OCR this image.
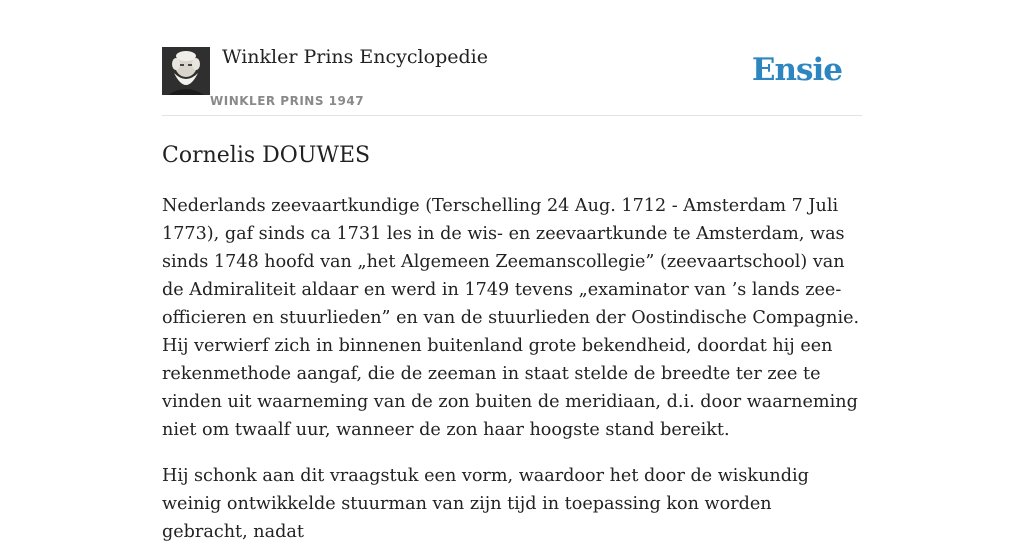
Winkler Prins Encyclopedie
WINKLER PRINS 1947
Ensie
Cornelis DOUWES

Nederlands zeevaartkundige (Terschelling 24 Aug. 1712 - Amsterdam 7 Juli 1773), gaf sinds ca 1731 les in de wis- en zeevaartkunde te Amsterdam, was sinds 1748 hoofd van „het Algemeen Zeemanscollegie” (zeevaartschool) van de Admiraliteit aldaar en werd in 1749 tevens „examinator van ’s lands zee-officieren en stuurlieden” en van de stuurlieden der Oostindische Compagnie. Hij verwierf zich in binnenen buitenland grote bekendheid, doordat hij een rekenmethode aangaf, die de zeeman in staat stelde de breedte ter zee te vinden uit waarneming van de zon buiten de meridiaan, d.i. door waarneming niet om twaalf uur, wanneer de zon haar hoogste stand bereikt.

Hij schonk aan dit vraagstuk een vorm, waardoor het door de wiskundig weinig ontwikkelde stuurman van zijn tijd in toepassing kon worden gebracht, nadat
